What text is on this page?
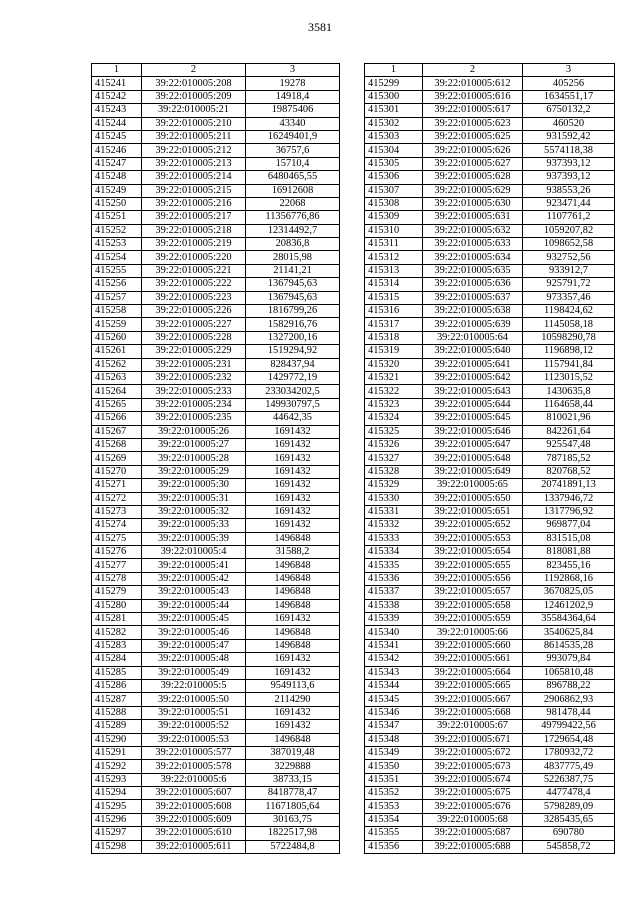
3581
1	2	3
415241	39:22:010005:208	19278
415242	39:22:010005:209	14918,4
415243	39:22:010005:21	19875406
415244	39:22:010005:210	43340
415245	39:22:010005:211	16249401,9
415246	39:22:010005:212	36757,6
415247	39:22:010005:213	15710,4
415248	39:22:010005:214	6480465,55
415249	39:22:010005:215	16912608
415250	39:22:010005:216	22068
415251	39:22:010005:217	11356776,86
415252	39:22:010005:218	12314492,7
415253	39:22:010005:219	20836,8
415254	39:22:010005:220	28015,98
415255	39:22:010005:221	21141,21
415256	39:22:010005:222	1367945,63
415257	39:22:010005:223	1367945,63
415258	39:22:010005:226	1816799,26
415259	39:22:010005:227	1582916,76
415260	39:22:010005:228	1327200,16
415261	39:22:010005:229	1519294,92
415262	39:22:010005:231	828437,94
415263	39:22:010005:232	1429772,19
415264	39:22:010005:233	233034202,5
415265	39:22:010005:234	149930797,5
415266	39:22:010005:235	44642,35
415267	39:22:010005:26	1691432
415268	39:22:010005:27	1691432
415269	39:22:010005:28	1691432
415270	39:22:010005:29	1691432
415271	39:22:010005:30	1691432
415272	39:22:010005:31	1691432
415273	39:22:010005:32	1691432
415274	39:22:010005:33	1691432
415275	39:22:010005:39	1496848
415276	39:22:010005:4	31588,2
415277	39:22:010005:41	1496848
415278	39:22:010005:42	1496848
415279	39:22:010005:43	1496848
415280	39:22:010005:44	1496848
415281	39:22:010005:45	1691432
415282	39:22:010005:46	1496848
415283	39:22:010005:47	1496848
415284	39:22:010005:48	1691432
415285	39:22:010005:49	1691432
415286	39:22:010005:5	9549113,6
415287	39:22:010005:50	2114290
415288	39:22:010005:51	1691432
415289	39:22:010005:52	1691432
415290	39:22:010005:53	1496848
415291	39:22:010005:577	387019,48
415292	39:22:010005:578	3229888
415293	39:22:010005:6	38733,15
415294	39:22:010005:607	8418778,47
415295	39:22:010005:608	11671805,64
415296	39:22:010005:609	30163,75
415297	39:22:010005:610	1822517,98
415298	39:22:010005:611	5722484,8
1	2	3
415299	39:22:010005:612	405256
415300	39:22:010005:616	1634551,17
415301	39:22:010005:617	6750132,2
415302	39:22:010005:623	460520
415303	39:22:010005:625	931592,42
415304	39:22:010005:626	5574118,38
415305	39:22:010005:627	937393,12
415306	39:22:010005:628	937393,12
415307	39:22:010005:629	938553,26
415308	39:22:010005:630	923471,44
415309	39:22:010005:631	1107761,2
415310	39:22:010005:632	1059207,82
415311	39:22:010005:633	1098652,58
415312	39:22:010005:634	932752,56
415313	39:22:010005:635	933912,7
415314	39:22:010005:636	925791,72
415315	39:22:010005:637	973357,46
415316	39:22:010005:638	1198424,62
415317	39:22:010005:639	1145058,18
415318	39:22:010005:64	10598290,78
415319	39:22:010005:640	1196898,12
415320	39:22:010005:641	1157941,84
415321	39:22:010005:642	1123015,52
415322	39:22:010005:643	1430635,8
415323	39:22:010005:644	1164658,44
415324	39:22:010005:645	810021,96
415325	39:22:010005:646	842261,64
415326	39:22:010005:647	925547,48
415327	39:22:010005:648	787185,52
415328	39:22:010005:649	820768,52
415329	39:22:010005:65	20741891,13
415330	39:22:010005:650	1337946,72
415331	39:22:010005:651	1317796,92
415332	39:22:010005:652	969877,04
415333	39:22:010005:653	831515,08
415334	39:22:010005:654	818081,88
415335	39:22:010005:655	823455,16
415336	39:22:010005:656	1192868,16
415337	39:22:010005:657	3670825,05
415338	39:22:010005:658	12461202,9
415339	39:22:010005:659	35584364,64
415340	39:22:010005:66	3540625,84
415341	39:22:010005:660	8614535,28
415342	39:22:010005:661	993079,84
415343	39:22:010005:664	1065810,48
415344	39:22:010005:665	896788,22
415345	39:22:010005:667	2906862,93
415346	39:22:010005:668	981478,44
415347	39:22:010005:67	49799422,56
415348	39:22:010005:671	1729654,48
415349	39:22:010005:672	1780932,72
415350	39:22:010005:673	4837775,49
415351	39:22:010005:674	5226387,75
415352	39:22:010005:675	4477478,4
415353	39:22:010005:676	5798289,09
415354	39:22:010005:68	3285435,65
415355	39:22:010005:687	690780
415356	39:22:010005:688	545858,72
